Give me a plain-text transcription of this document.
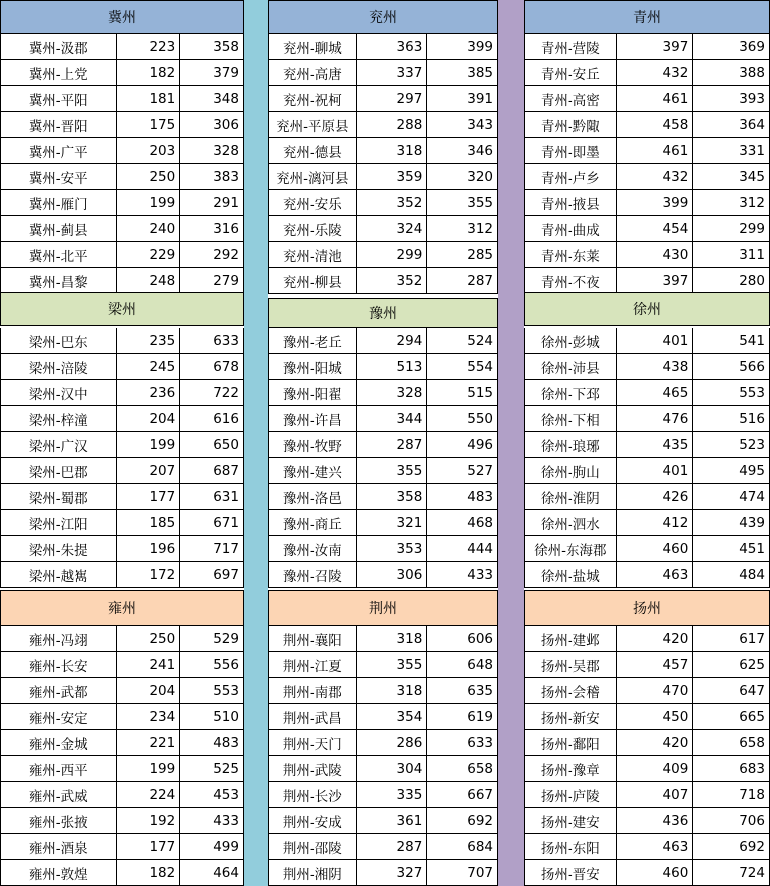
冀州
冀州-汲郡	223	358
冀州-上党	182	379
冀州-平阳	181	348
冀州-晋阳	175	306
冀州-广平	203	328
冀州-安平	250	383
冀州-雁门	199	291
冀州-蓟县	240	316
冀州-北平	229	292
冀州-昌黎	248	279
梁州
梁州-巴东	235	633
梁州-涪陵	245	678
梁州-汉中	236	722
梁州-梓潼	204	616
梁州-广汉	199	650
梁州-巴郡	207	687
梁州-蜀郡	177	631
梁州-江阳	185	671
梁州-朱提	196	717
梁州-越嶲	172	697
雍州
雍州-冯翊	250	529
雍州-长安	241	556
雍州-武都	204	553
雍州-安定	234	510
雍州-金城	221	483
雍州-西平	199	525
雍州-武威	224	453
雍州-张掖	192	433
雍州-酒泉	177	499
雍州-敦煌	182	464
兖州
兖州-聊城	363	399
兖州-高唐	337	385
兖州-祝柯	297	391
兖州-平原县	288	343
兖州-德县	318	346
兖州-漓河县	359	320
兖州-安乐	352	355
兖州-乐陵	324	312
兖州-清池	299	285
兖州-柳县	352	287
豫州
豫州-老丘	294	524
豫州-阳城	513	554
豫州-阳翟	328	515
豫州-许昌	344	550
豫州-牧野	287	496
豫州-建兴	355	527
豫州-洛邑	358	483
豫州-商丘	321	468
豫州-汝南	353	444
豫州-召陵	306	433
荆州
荆州-襄阳	318	606
荆州-江夏	355	648
荆州-南郡	318	635
荆州-武昌	354	619
荆州-天门	286	633
荆州-武陵	304	658
荆州-长沙	335	667
荆州-安成	361	692
荆州-邵陵	287	684
荆州-湘阴	327	707
青州
青州-营陵	397	369
青州-安丘	432	388
青州-高密	461	393
青州-黔陬	458	364
青州-即墨	461	331
青州-卢乡	432	345
青州-掖县	399	312
青州-曲成	454	299
青州-东莱	430	311
青州-不夜	397	280
徐州
徐州-彭城	401	541
徐州-沛县	438	566
徐州-下邳	465	553
徐州-下相	476	516
徐州-琅琊	435	523
徐州-朐山	401	495
徐州-淮阴	426	474
徐州-泗水	412	439
徐州-东海郡	460	451
徐州-盐城	463	484
扬州
扬州-建邺	420	617
扬州-吴郡	457	625
扬州-会稽	470	647
扬州-新安	450	665
扬州-鄱阳	420	658
扬州-豫章	409	683
扬州-庐陵	407	718
扬州-建安	436	706
扬州-东阳	463	692
扬州-晋安	460	724
